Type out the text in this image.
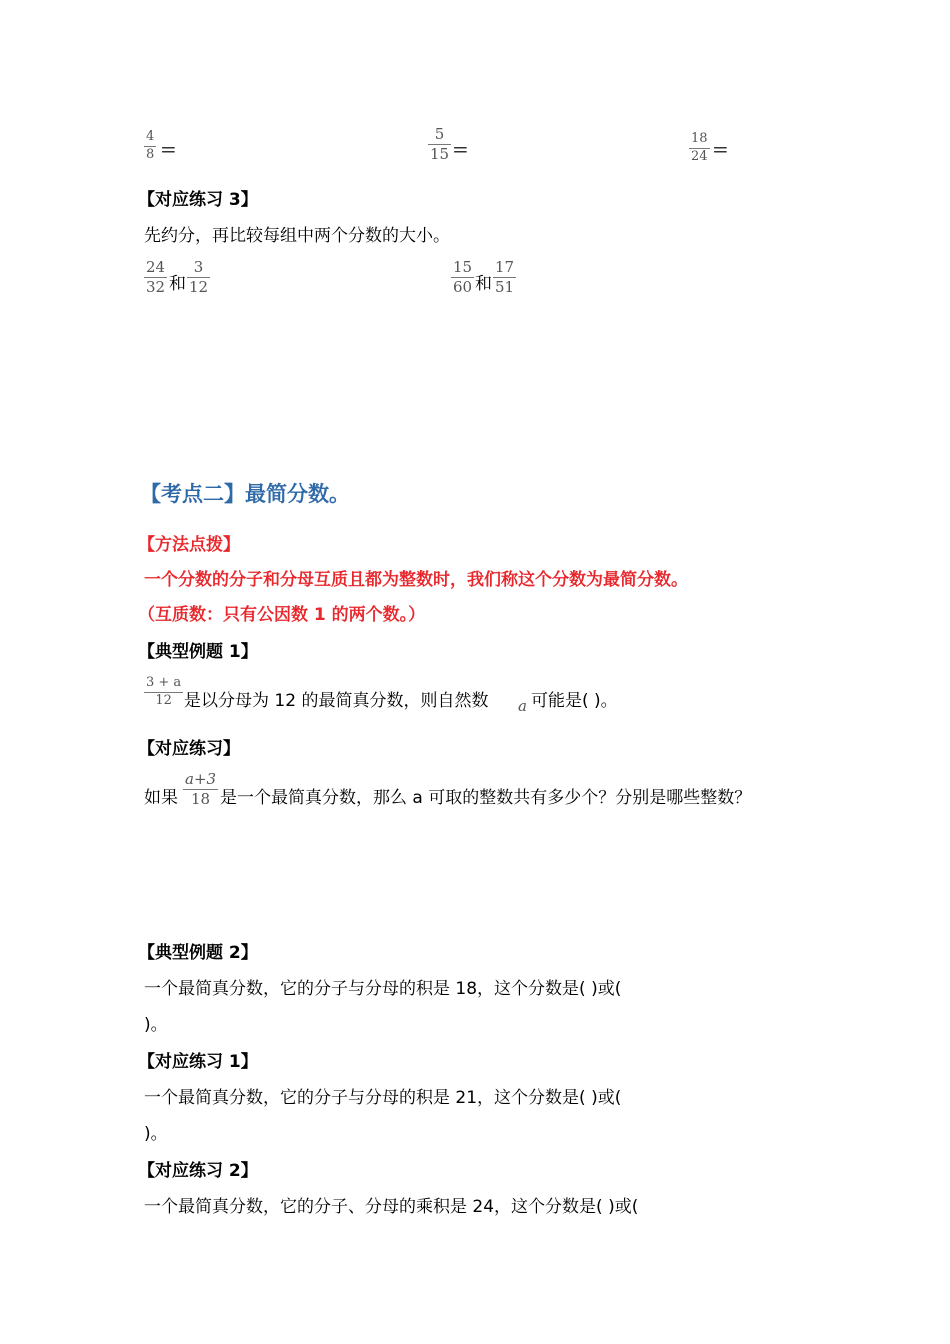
4
8 =
5
15 =	18
24 =
【对应练习 3】
先约分，再比较每组中两个分数的大小。
24
32 和
3
12
15
60 和
17
51
【考点二】最简分数。
【方法点拨】
一个分数的分子和分母互质且都为整数时，我们称这个分数为最简分数。
（互质数：只有公因数 1 的两个数。）
【典型例题 1】
3 + a
12 是以分母为 12 的最简真分数，则自然数 a 可能是( )。
【对应练习】
如果
a+3
18 是一个最简真分数，那么 a 可取的整数共有多少个？分别是哪些整数？
【典型例题 2】
一个最简真分数，它的分子与分母的积是 18，这个分数是( )或(
)。
【对应练习 1】
一个最简真分数，它的分子与分母的积是 21，这个分数是( )或(
)。
【对应练习 2】
一个最简真分数，它的分子、分母的乘积是 24，这个分数是( )或(
